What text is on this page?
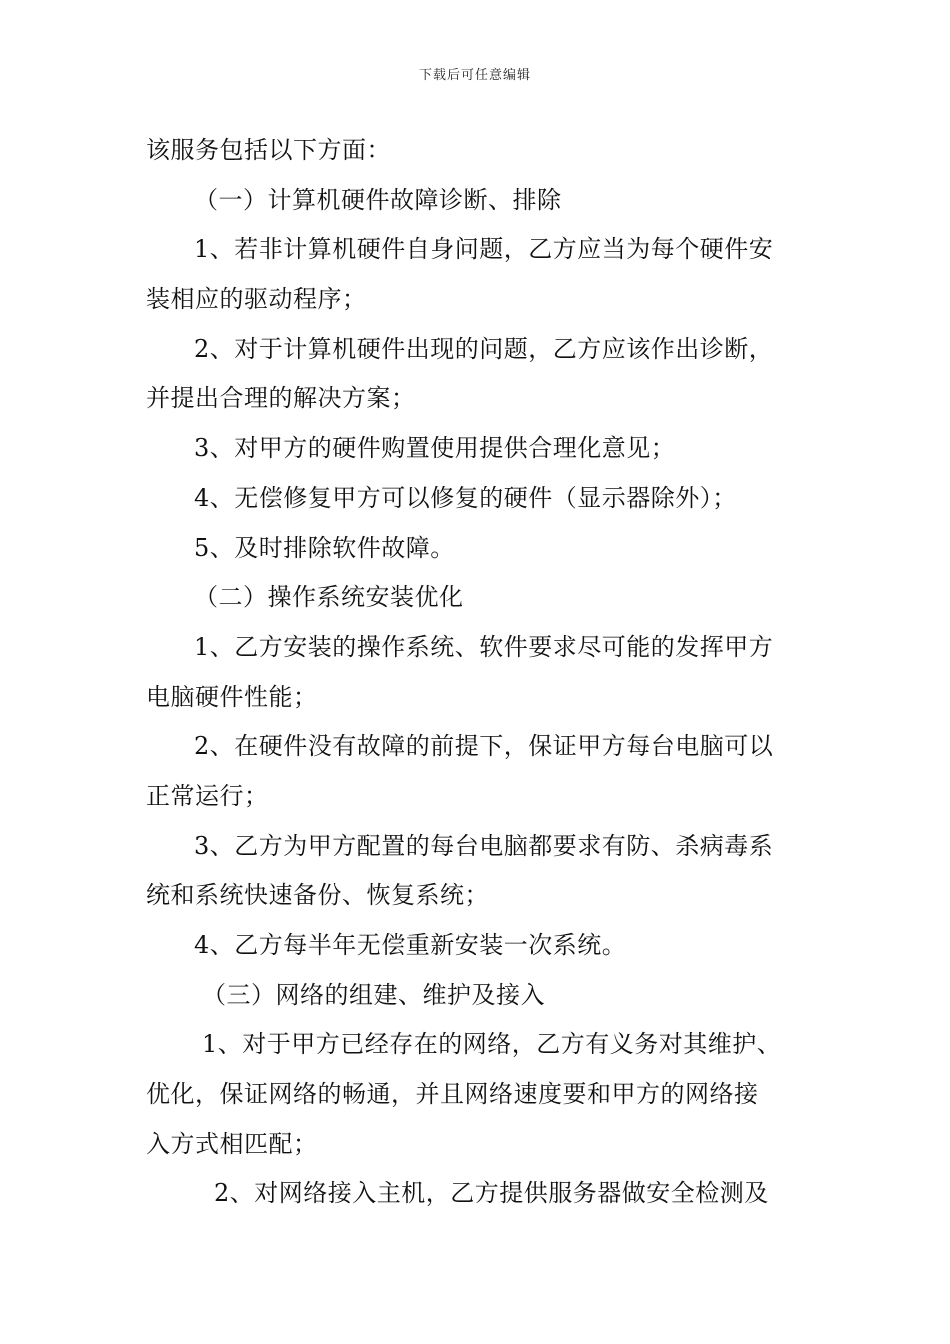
下载后可任意编辑
该服务包括以下方面：
（一）计算机硬件故障诊断、排除
1、若非计算机硬件自身问题，乙方应当为每个硬件安
装相应的驱动程序；
2、对于计算机硬件出现的问题，乙方应该作出诊断，
并提出合理的解决方案；
3、对甲方的硬件购置使用提供合理化意见；
4、无偿修复甲方可以修复的硬件（显示器除外）；
5、及时排除软件故障。
（二）操作系统安装优化
1、乙方安装的操作系统、软件要求尽可能的发挥甲方
电脑硬件性能；
2、在硬件没有故障的前提下，保证甲方每台电脑可以
正常运行；
3、乙方为甲方配置的每台电脑都要求有防、杀病毒系
统和系统快速备份、恢复系统；
4、乙方每半年无偿重新安装一次系统。
（三）网络的组建、维护及接入
1、对于甲方已经存在的网络，乙方有义务对其维护、
优化，保证网络的畅通，并且网络速度要和甲方的网络接
入方式相匹配；
2、对网络接入主机，乙方提供服务器做安全检测及
